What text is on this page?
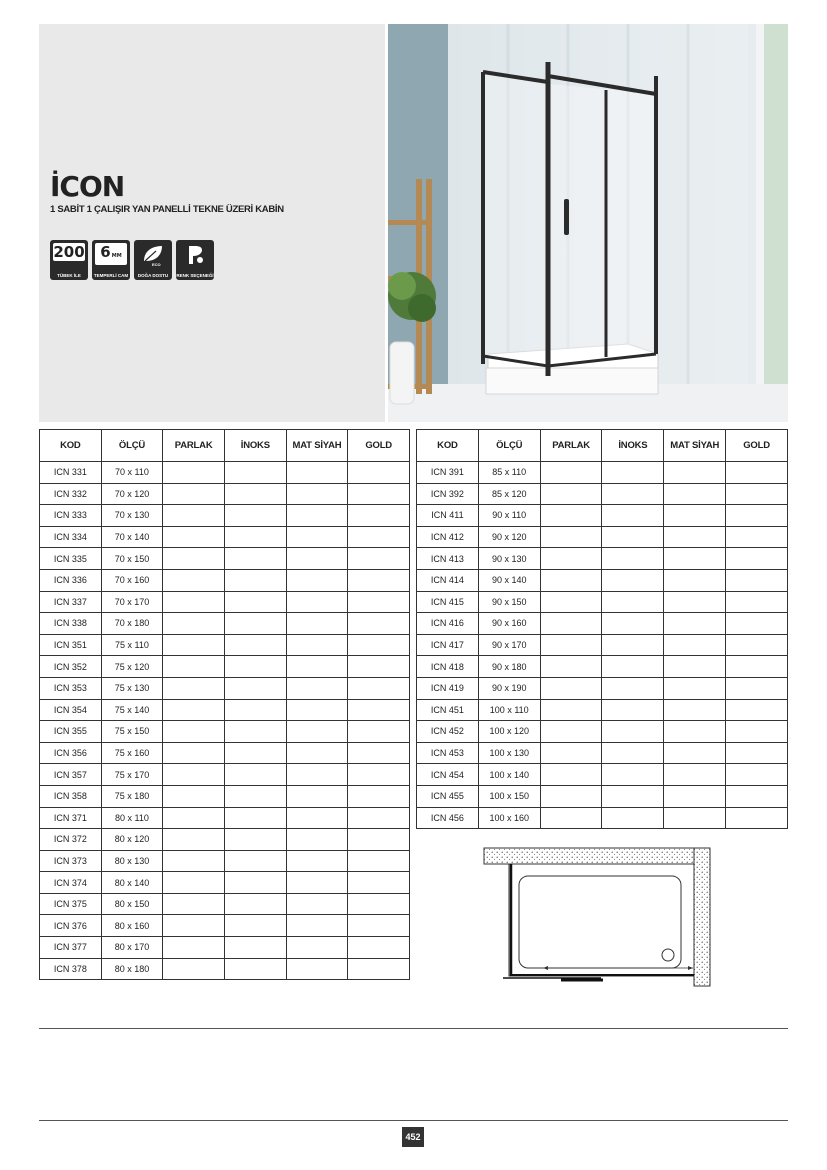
İCON
1 SABİT 1 ÇALIŞIR YAN PANELLİ TEKNE ÜZERİ KABİN
200
TÜBEK İLE
6 MM
TEMPERLİ CAM
ECO
DOĞA DOSTU	RENK SEÇENEĞİ
KOD	ÖLÇÜ	PARLAK	İNOKS	MAT SİYAH	GOLD
ICN 331	70 x 110				
ICN 332	70 x 120				
ICN 333	70 x 130				
ICN 334	70 x 140				
ICN 335	70 x 150				
ICN 336	70 x 160				
ICN 337	70 x 170				
ICN 338	70 x 180				
ICN 351	75 x 110				
ICN 352	75 x 120				
ICN 353	75 x 130				
ICN 354	75 x 140				
ICN 355	75 x 150				
ICN 356	75 x 160				
ICN 357	75 x 170				
ICN 358	75 x 180				
ICN 371	80 x 110				
ICN 372	80 x 120				
ICN 373	80 x 130				
ICN 374	80 x 140				
ICN 375	80 x 150				
ICN 376	80 x 160				
ICN 377	80 x 170				
ICN 378	80 x 180				
KOD	ÖLÇÜ	PARLAK	İNOKS	MAT SİYAH	GOLD
ICN 391	85 x 110				
ICN 392	85 x 120				
ICN 411	90 x 110				
ICN 412	90 x 120				
ICN 413	90 x 130				
ICN 414	90 x 140				
ICN 415	90 x 150				
ICN 416	90 x 160				
ICN 417	90 x 170				
ICN 418	90 x 180				
ICN 419	90 x 190				
ICN 451	100 x 110				
ICN 452	100 x 120				
ICN 453	100 x 130				
ICN 454	100 x 140				
ICN 455	100 x 150				
ICN 456	100 x 160				
452
